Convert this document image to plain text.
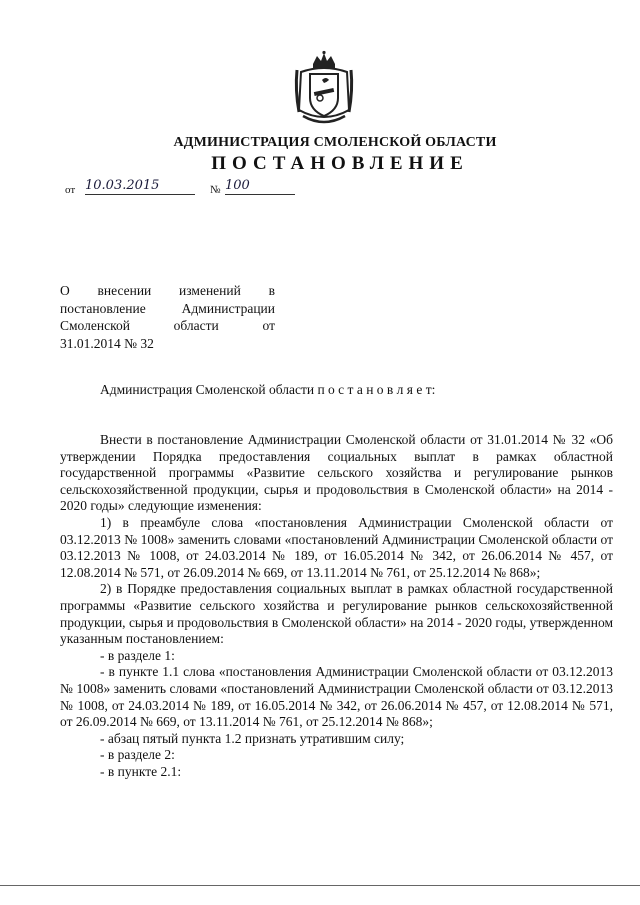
АДМИНИСТРАЦИЯ СМОЛЕНСКОЙ ОБЛАСТИ
ПОСТАНОВЛЕНИЕ
от 10.03.2015	№ 100
О внесении изменений в
постановление Администрации
Смоленской области от
31.01.2014 № 32
Администрация Смоленской области п о с т а н о в л я е т:

Внести в постановление Администрации Смоленской области от 31.01.2014 № 32 «Об утверждении Порядка предоставления социальных выплат в рамках областной государственной программы «Развитие сельского хозяйства и регулирование рынков сельскохозяйственной продукции, сырья и продовольствия в Смоленской области» на 2014 - 2020 годы» следующие изменения:

1) в преамбуле слова «постановления Администрации Смоленской области от 03.12.2013 № 1008» заменить словами «постановлений Администрации Смоленской области от 03.12.2013 № 1008, от 24.03.2014 № 189, от 16.05.2014 № 342, от 26.06.2014 № 457, от 12.08.2014 № 571, от 26.09.2014 № 669, от 13.11.2014 № 761, от 25.12.2014 № 868»;

2) в Порядке предоставления социальных выплат в рамках областной государственной программы «Развитие сельского хозяйства и регулирование рынков сельскохозяйственной продукции, сырья и продовольствия в Смоленской области» на 2014 - 2020 годы, утвержденном указанным постановлением:

- в разделе 1:

- в пункте 1.1 слова «постановления Администрации Смоленской области от 03.12.2013 № 1008» заменить словами «постановлений Администрации Смоленской области от 03.12.2013 № 1008, от 24.03.2014 № 189, от 16.05.2014 № 342, от 26.06.2014 № 457, от 12.08.2014 № 571, от 26.09.2014 № 669, от 13.11.2014 № 761, от 25.12.2014 № 868»;

- абзац пятый пункта 1.2 признать утратившим силу;

- в разделе 2:

- в пункте 2.1:
